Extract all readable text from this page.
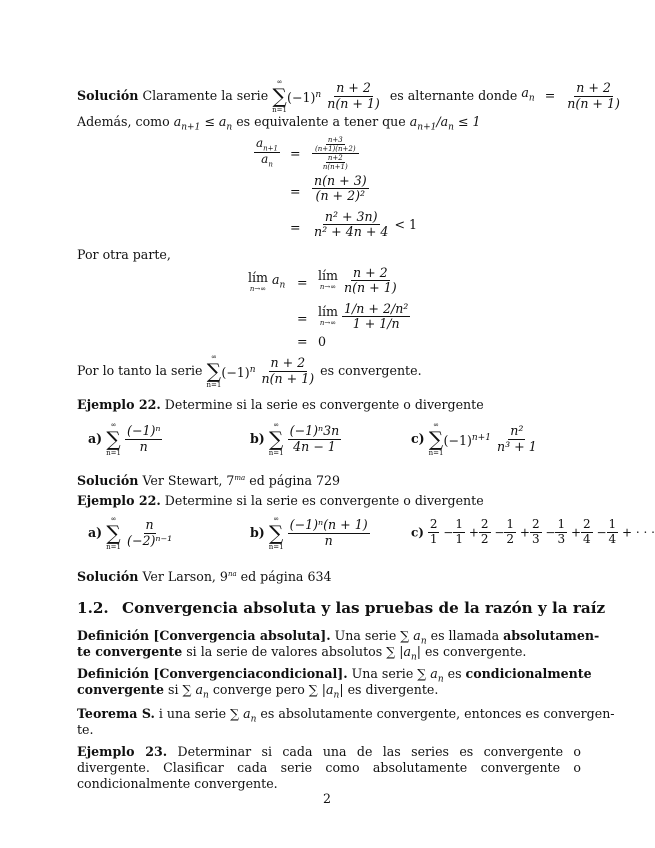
Solución Claramente la serie
∞
∑
n=1
$(-1)^n \frac{n + 2}{n(n + 1)}$ es alternante donde $a_n = \frac{n + 2}{n(n + 1)}$
Además, como $a_{n+1} \le a_n$ es equivalente a tener que $a_{n+1}/a_n \le 1$
$\frac{a_{n+1}}{a_n} = \frac{\frac{n+3}{(n+1)(n+2)}}{\frac{n+2}{n(n+1)}}$
= $\frac{n(n + 3)}{\text{(n + 2)²}}$
= $\frac{\text{n² + 3n)}}{\text{n² + 4n + 4}} < 1$
Por otra parte,
lím
n→∞
$a_n$ = lím
n→∞
$\frac{n + 2}{n(n + 1)}$
= lím
n→∞
$\frac{\text{1/n + 2/n²}}{1 + 1/n}$
= 0
Por lo tanto la serie
∞
∑
n=1
$(-1)^n \frac{n + 2}{n(n + 1)}$ es convergente.
Ejemplo 22. Determine si la serie es convergente o divergente
a)
∞
∑
n=1
$\frac{\text{(−1)ⁿ}}{n}$	b)
∞
∑
n=1
$\frac{\text{(−1)ⁿ3n}}{4n - 1}$	c)
∞
∑
n=1
$(-1)^{n+1} \frac{\text{n²}}{\text{n³ + 1}}$
Solución Ver Stewart, $7^{ma}$ ed página 729
Ejemplo 22. Determine si la serie es convergente o divergente
a)
∞
∑
n=1
$\frac{n}{\text{(−2)ⁿ⁻¹}}$	b)
∞
∑
n=1
$\frac{\text{(−1)ⁿ(n + 1)}}{n}$	$c) \frac{2}{1} - \frac{1}{1} + \frac{2}{2} - \frac{1}{2} + \frac{2}{3} - \frac{1}{3} + \frac{2}{4} - \frac{1}{4}$ + · · ·
Solución Ver Larson, $9^{na}$ ed página 634
1.2. Convergencia absoluta y las pruebas de la razón y la raíz
Definición [Convergencia absoluta]. Una serie ∑ $a_n$ es llamada absolutamen-
te convergente si la serie de valores absolutos ∑ $|a_n|$ es convergente.
Definición [Convergenciacondicional]. Una serie ∑ $a_n$ es condicionalmente
convergente si ∑ $a_n$ converge pero ∑ $|a_n|$ es divergente.
Teorema S. i una serie ∑ $a_n$ es absolutamente convergente, entonces es convergen-
te.
Ejemplo 23. Determinar si cada una de las series es convergente o divergente. Clasificar cada serie como absolutamente convergente o condicionalmente convergente.
2
